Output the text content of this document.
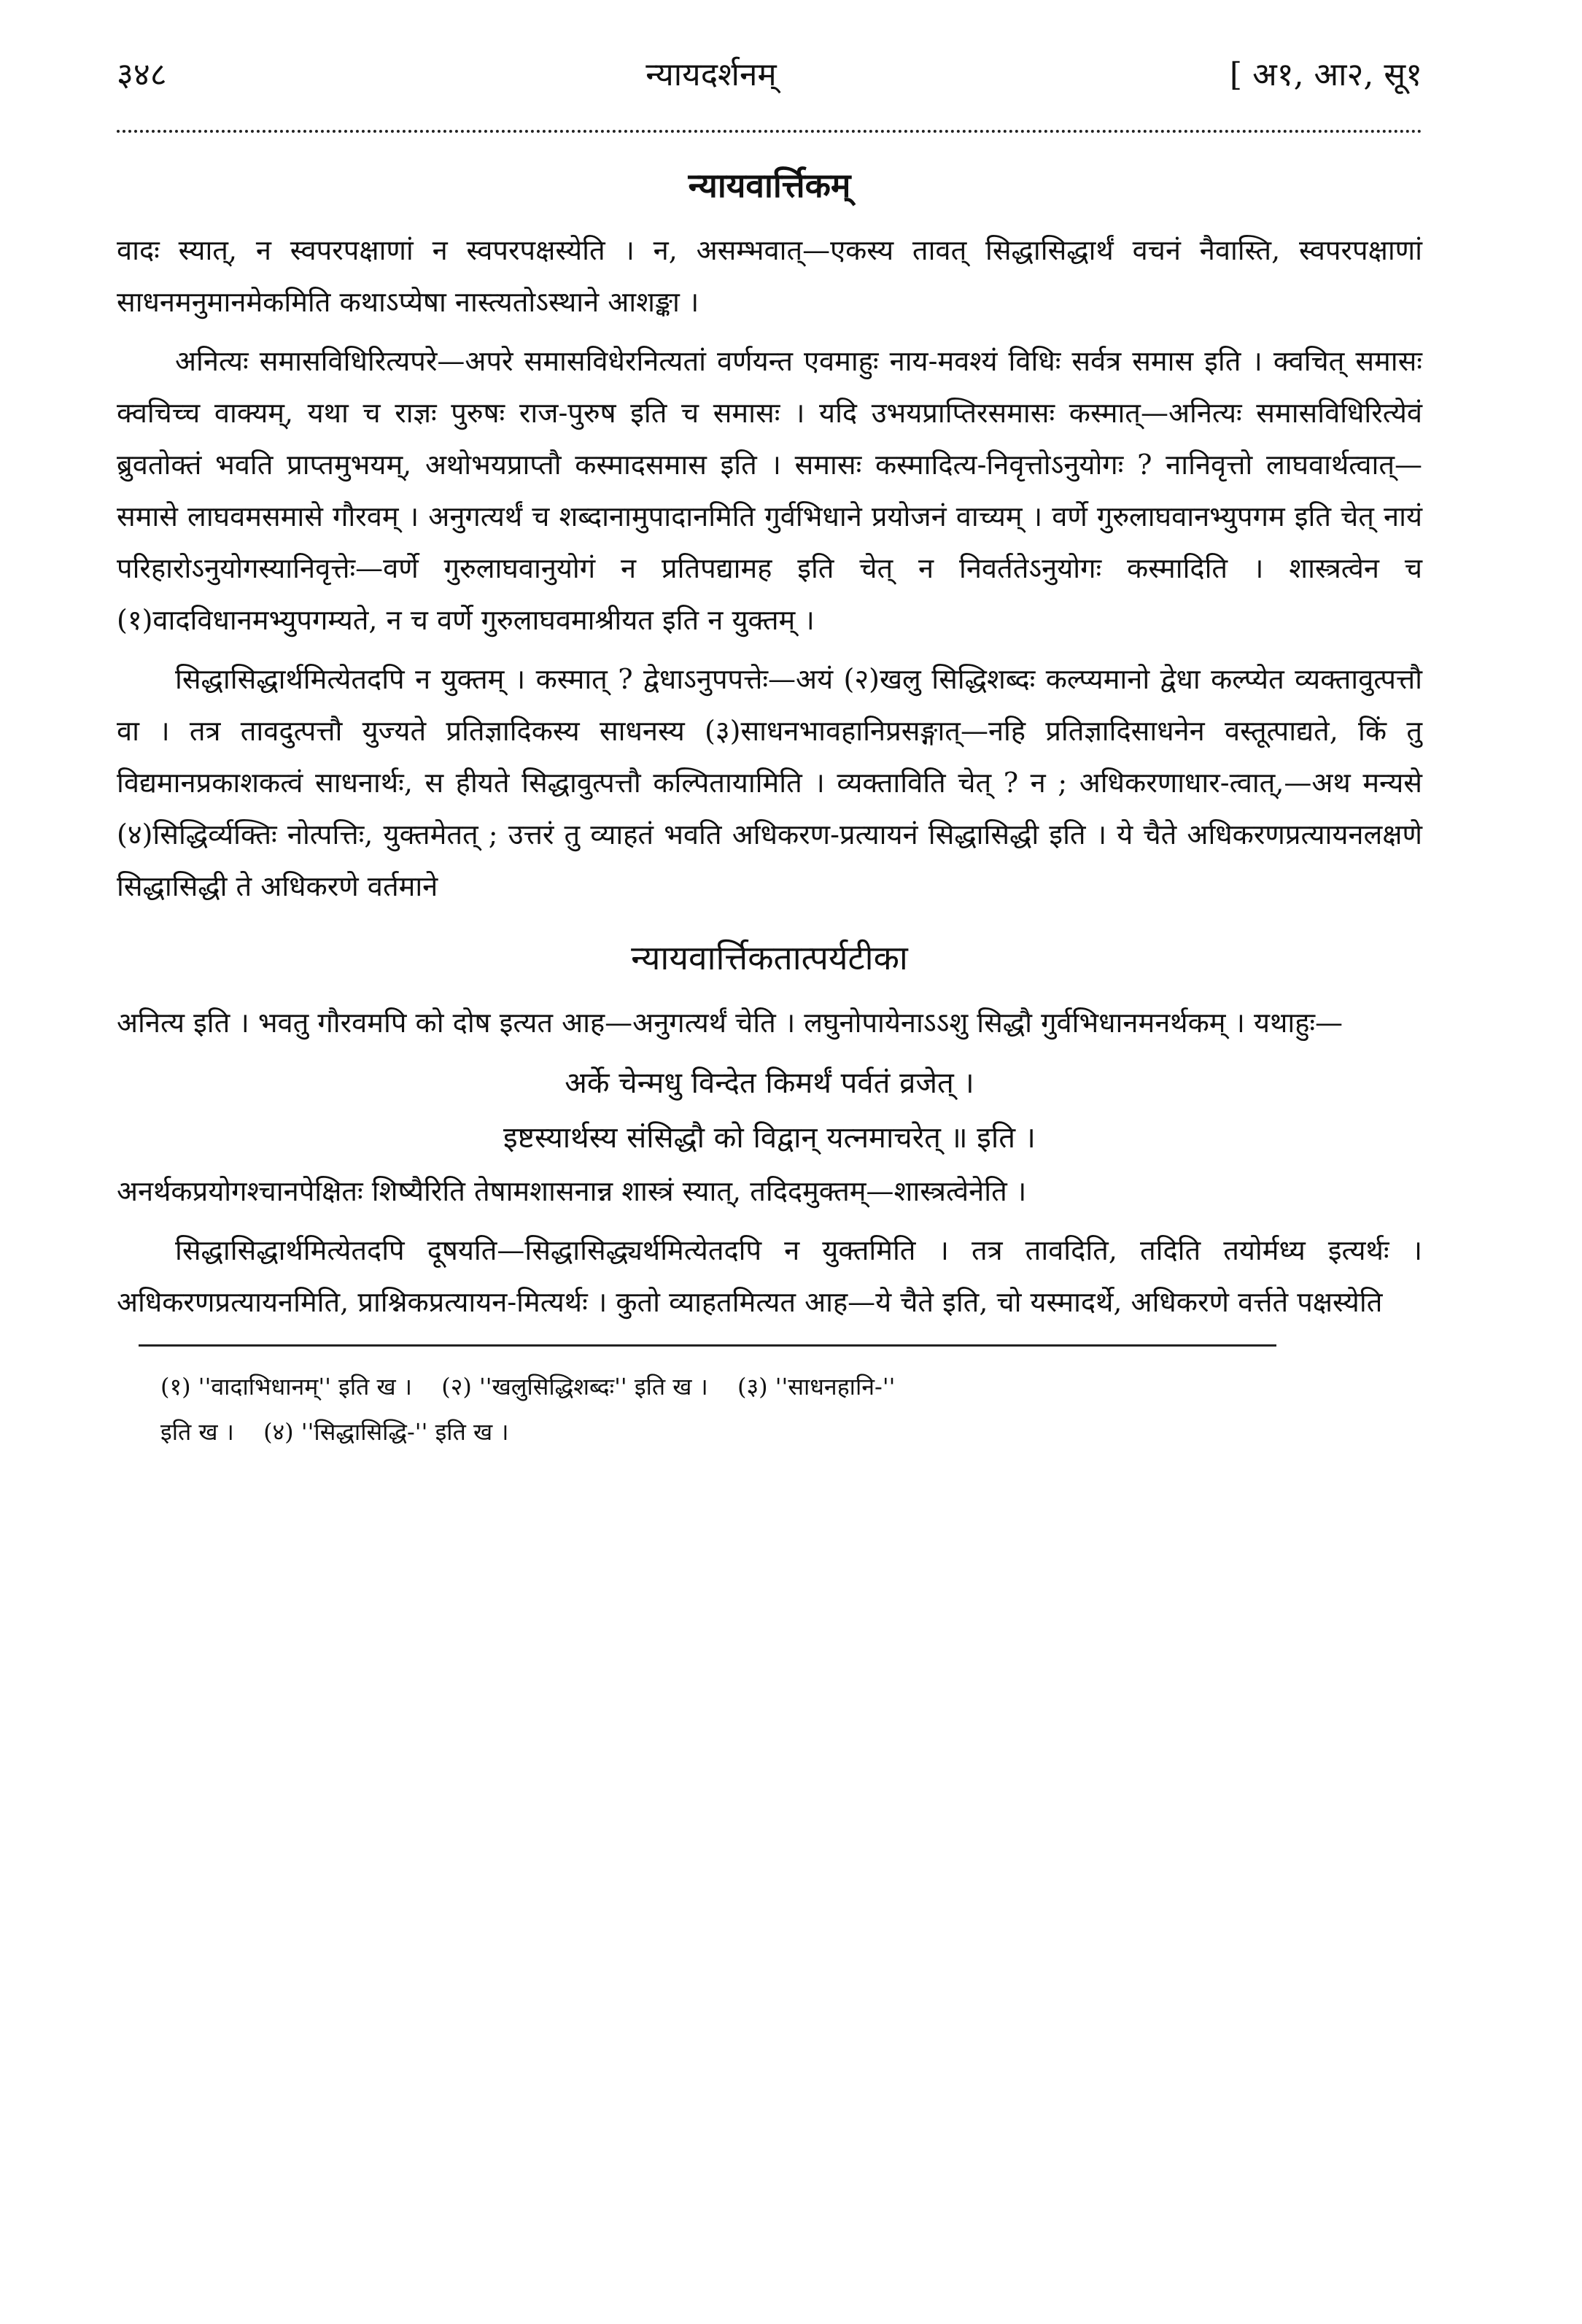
३४८	न्यायदर्शनम्	[ अ१, आ२, सू१
न्यायवार्त्तिकम्

वादः स्यात्, न स्वपरपक्षाणां न स्वपरपक्षस्येति । न, असम्भवात्—एकस्य तावत् सिद्धासिद्धार्थं वचनं नैवास्ति, स्वपरपक्षाणां साधनमनुमानमेकमिति कथाऽप्येषा नास्त्यतोऽस्थाने आशङ्का ।

अनित्यः समासविधिरित्यपरे—अपरे समासविधेरनित्यतां वर्णयन्त एवमाहुः नाय-मवश्यं विधिः सर्वत्र समास इति । क्वचित् समासः क्वचिच्च वाक्यम्, यथा च राज्ञः पुरुषः राज-पुरुष इति च समासः । यदि उभयप्राप्तिरसमासः कस्मात्—अनित्यः समासविधिरित्येवं ब्रुवतोक्तं भवति प्राप्तमुभयम्, अथोभयप्राप्तौ कस्मादसमास इति । समासः कस्मादित्य-निवृत्तोऽनुयोगः ? नानिवृत्तो लाघवार्थत्वात्—समासे लाघवमसमासे गौरवम् । अनुगत्यर्थं च शब्दानामुपादानमिति गुर्वभिधाने प्रयोजनं वाच्यम् । वर्णे गुरुलाघवानभ्युपगम इति चेत् नायं परिहारोऽनुयोगस्यानिवृत्तेः—वर्णे गुरुलाघवानुयोगं न प्रतिपद्यामह इति चेत् न निवर्ततेऽनुयोगः कस्मादिति । शास्त्रत्वेन च (१)वादविधानमभ्युपगम्यते, न च वर्णे गुरुलाघवमाश्रीयत इति न युक्तम् ।

सिद्धासिद्धार्थमित्येतदपि न युक्तम् । कस्मात् ? द्वेधाऽनुपपत्तेः—अयं (२)खलु सिद्धिशब्दः कल्प्यमानो द्वेधा कल्प्येत व्यक्तावुत्पत्तौ वा । तत्र तावदुत्पत्तौ युज्यते प्रतिज्ञादिकस्य साधनस्य (३)साधनभावहानिप्रसङ्गात्—नहि प्रतिज्ञादिसाधनेन वस्तूत्पाद्यते, किं तु विद्यमानप्रकाशकत्वं साधनार्थः, स हीयते सिद्धावुत्पत्तौ कल्पितायामिति । व्यक्ताविति चेत् ? न ; अधिकरणाधार-त्वात्,—अथ मन्यसे (४)सिद्धिर्व्यक्तिः नोत्पत्तिः, युक्तमेतत् ; उत्तरं तु व्याहतं भवति अधिकरण-प्रत्यायनं सिद्धासिद्धी इति । ये चैते अधिकरणप्रत्यायनलक्षणे सिद्धासिद्धी ते अधिकरणे वर्तमाने

न्यायवार्त्तिकतात्पर्यटीका

अनित्य इति । भवतु गौरवमपि को दोष इत्यत आह—अनुगत्यर्थं चेति । लघुनोपायेनाऽऽशु सिद्धौ गुर्वभिधानमनर्थकम् । यथाहुः—

अर्के चेन्मधु विन्देत किमर्थं पर्वतं व्रजेत् ।
इष्टस्यार्थस्य संसिद्धौ को विद्वान् यत्नमाचरेत् ॥ इति ।

अनर्थकप्रयोगश्चानपेक्षितः शिष्यैरिति तेषामशासनान्न शास्त्रं स्यात्, तदिदमुक्तम्—शास्त्रत्वेनेति ।

सिद्धासिद्धार्थमित्येतदपि दूषयति—सिद्धासिद्ध्यर्थमित्येतदपि न युक्तमिति । तत्र तावदिति, तदिति तयोर्मध्य इत्यर्थः । अधिकरणप्रत्यायनमिति, प्राश्निकप्रत्यायन-मित्यर्थः । कुतो व्याहतमित्यत आह—ये चैते इति, चो यस्मादर्थे, अधिकरणे वर्त्तते पक्षस्येति

(१) ''वादाभिधानम्'' इति ख । (२) ''खलुसिद्धिशब्दः'' इति ख । (३) ''साधनहानि-''
इति ख । (४) ''सिद्धासिद्धि-'' इति ख ।
